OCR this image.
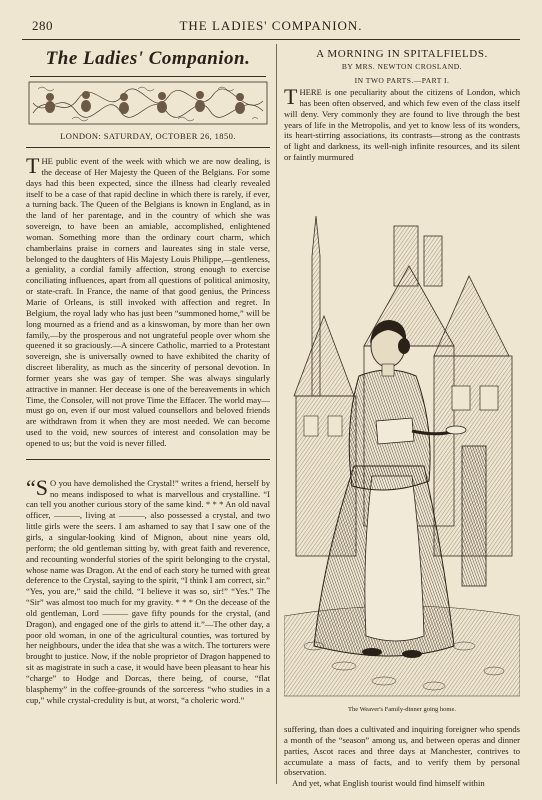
280	THE LADIES' COMPANION.
The Ladies' Companion.
LONDON: SATURDAY, OCTOBER 26, 1850.
THE public event of the week with which we are now dealing, is the decease of Her Majesty the Queen of the Belgians. For some days had this been expected, since the illness had clearly revealed itself to be a case of that rapid decline in which there is rarely, if ever, a turning back. The Queen of the Belgians is known in England, as in the land of her parentage, and in the country of which she was sovereign, to have been an amiable, accomplished, enlightened woman. Something more than the ordinary court charm, which chamberlains praise in corners and laureates sing in stale verse, belonged to the daughters of His Majesty Louis Philippe,—gentleness, a geniality, a cordial family affection, strong enough to exercise conciliating influences, apart from all questions of political animosity, or state-craft. In France, the name of that good genius, the Princess Marie of Orleans, is still invoked with affection and regret. In Belgium, the royal lady who has just been “summoned home,” will be long mourned as a friend and as a kinswoman, by more than her own family,—by the prosperous and not ungrateful people over whom she queened it so graciously.—A sincere Catholic, married to a Protestant sovereign, she is universally owned to have exhibited the charity of discreet liberality, as much as the sincerity of personal devotion. In former years she was gay of temper. She was always singularly attractive in manner. Her decease is one of the bereavements in which Time, the Consoler, will not prove Time the Effacer. The world may—must go on, even if our most valued counsellors and beloved friends are withdrawn from it when they are most needed. We can become used to the void, new sources of interest and consolation may be opened to us; but the void is never filled.
“S O you have demolished the Crystal!” writes a friend, herself by no means indisposed to what is marvellous and crystalline. “I can tell you another curious story of the same kind. * * * An old naval officer, ———, living at ———, also possessed a crystal, and two little girls were the seers. I am ashamed to say that I saw one of the girls, a singular-looking kind of Mignon, about nine years old, perform; the old gentleman sitting by, with great faith and reverence, and recounting wonderful stories of the spirit belonging to the crystal, whose name was Dragon. At the end of each story he turned with great deference to the Crystal, saying to the spirit, “I think I am correct, sir.” “Yes, you are,” said the child. “I believe it was so, sir!” “Yes.” The “Sir” was almost too much for my gravity. * * * On the decease of the old gentleman, Lord ——— gave fifty pounds for the crystal, (and Dragon), and engaged one of the girls to attend it.”—The other day, a poor old woman, in one of the agricultural counties, was tortured by her neighbours, under the idea that she was a witch. The torturers were brought to justice. Now, if the noble proprietor of Dragon happened to sit as magistrate in such a case, it would have been pleasant to hear his “charge” to Hodge and Dorcas, there being, of course, “flat blasphemy” in the coffee-grounds of the sorceress “who studies in a cup,” while crystal-credulity is but, at worst, “a choleric word.”
A MORNING IN SPITALFIELDS.
BY MRS. NEWTON CROSLAND.
IN TWO PARTS.—PART I.
THERE is one peculiarity about the citizens of London, which has been often observed, and which few even of the class itself will deny. Very commonly they are found to live through the best years of life in the Metropolis, and yet to know less of its wonders, its heart-stirring associations, its contrasts—strong as the contrasts of light and darkness, its well-nigh infinite resources, and its silent or faintly murmured
The Weaver's Family-dinner going home.
suffering, than does a cultivated and inquiring foreigner who spends a month of the “season” among us, and between operas and dinner parties, Ascot races and three days at Manchester, contrives to accumulate a mass of facts, and to verify them by personal observation.
And yet, what English tourist would find himself within
